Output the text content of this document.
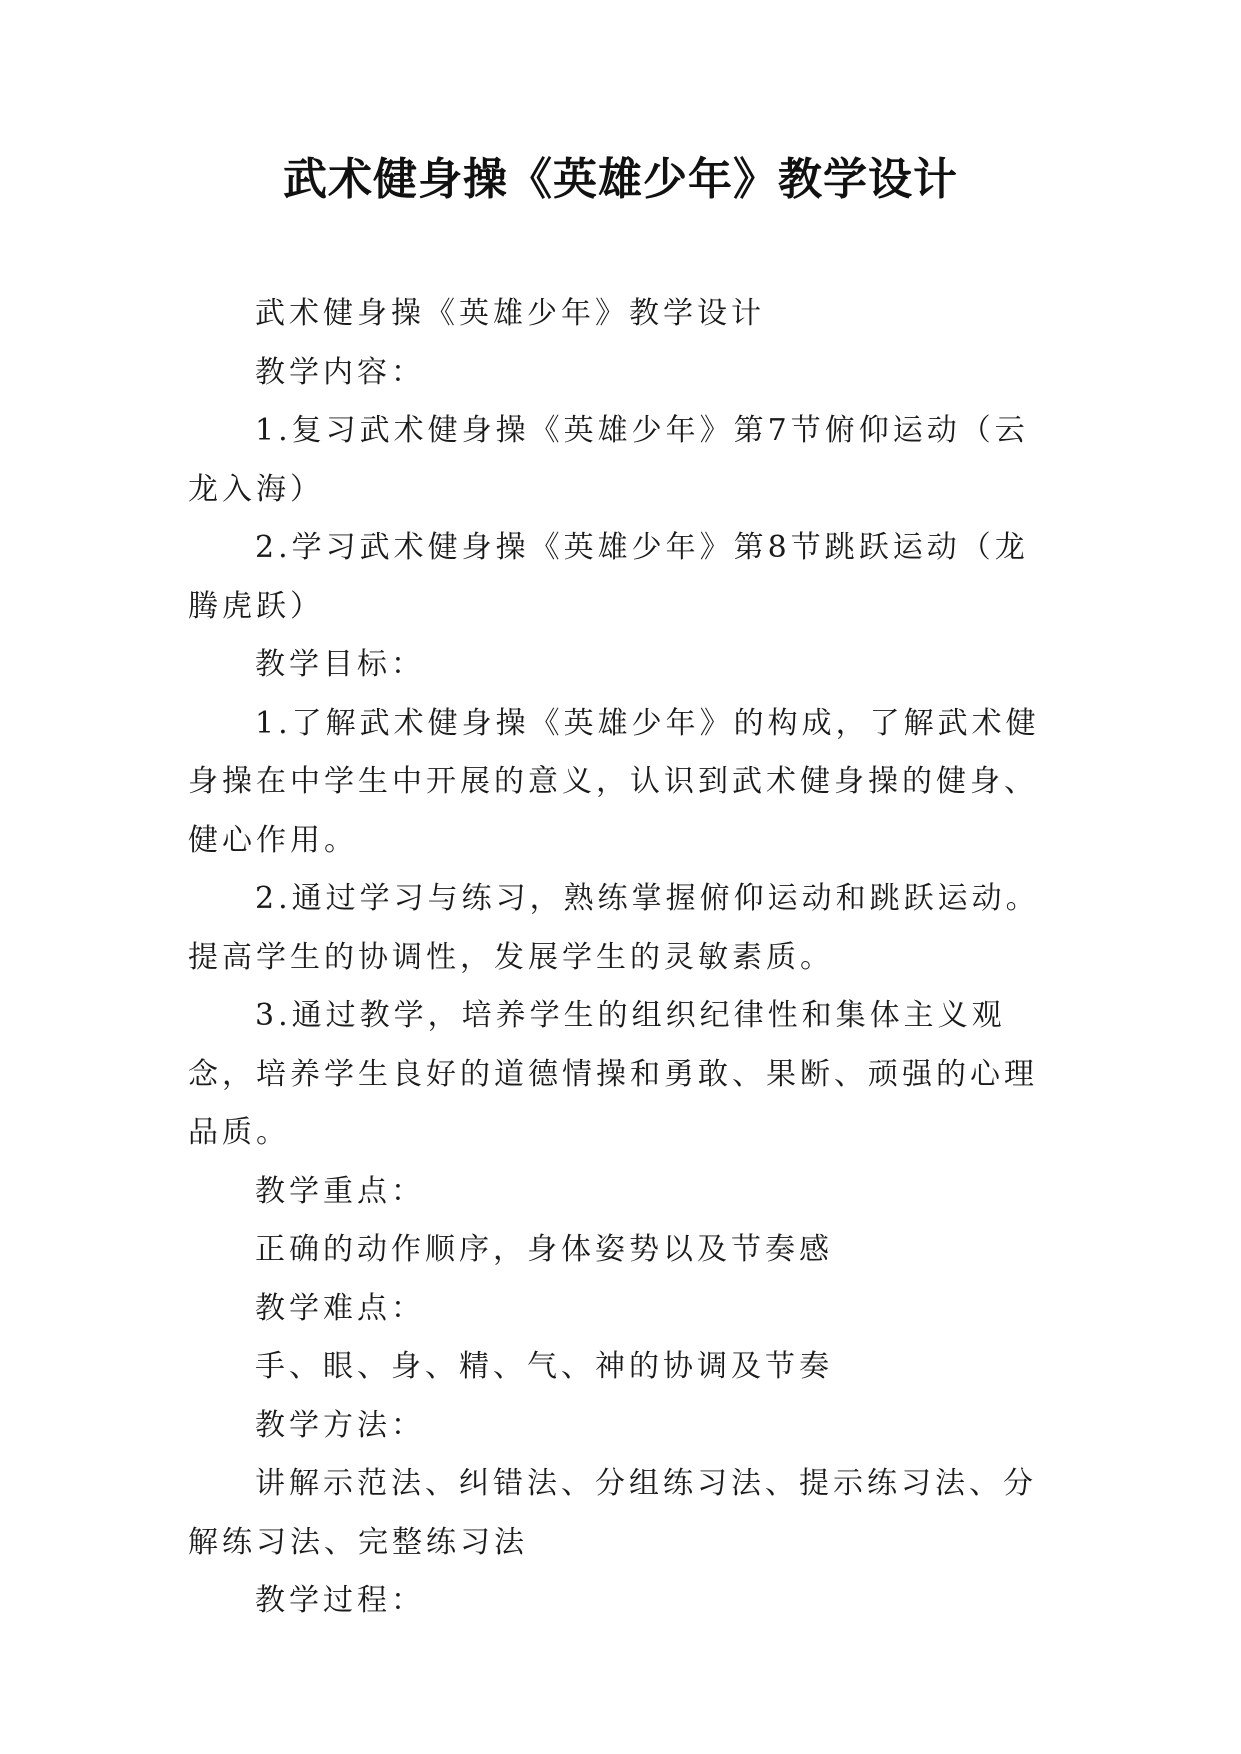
武术健身操《英雄少年》教学设计

武术健身操《英雄少年》教学设计

教学内容：

1.复习武术健身操《英雄少年》第7节俯仰运动（云龙入海）

2.学习武术健身操《英雄少年》第8节跳跃运动（龙腾虎跃）

教学目标：

1.了解武术健身操《英雄少年》的构成，了解武术健身操在中学生中开展的意义，认识到武术健身操的健身、健心作用。

2.通过学习与练习，熟练掌握俯仰运动和跳跃运动。提高学生的协调性，发展学生的灵敏素质。

3.通过教学，培养学生的组织纪律性和集体主义观念，培养学生良好的道德情操和勇敢、果断、顽强的心理品质。

教学重点：

正确的动作顺序，身体姿势以及节奏感

教学难点：

手、眼、身、精、气、神的协调及节奏

教学方法：

讲解示范法、纠错法、分组练习法、提示练习法、分解练习法、完整练习法

教学过程：
